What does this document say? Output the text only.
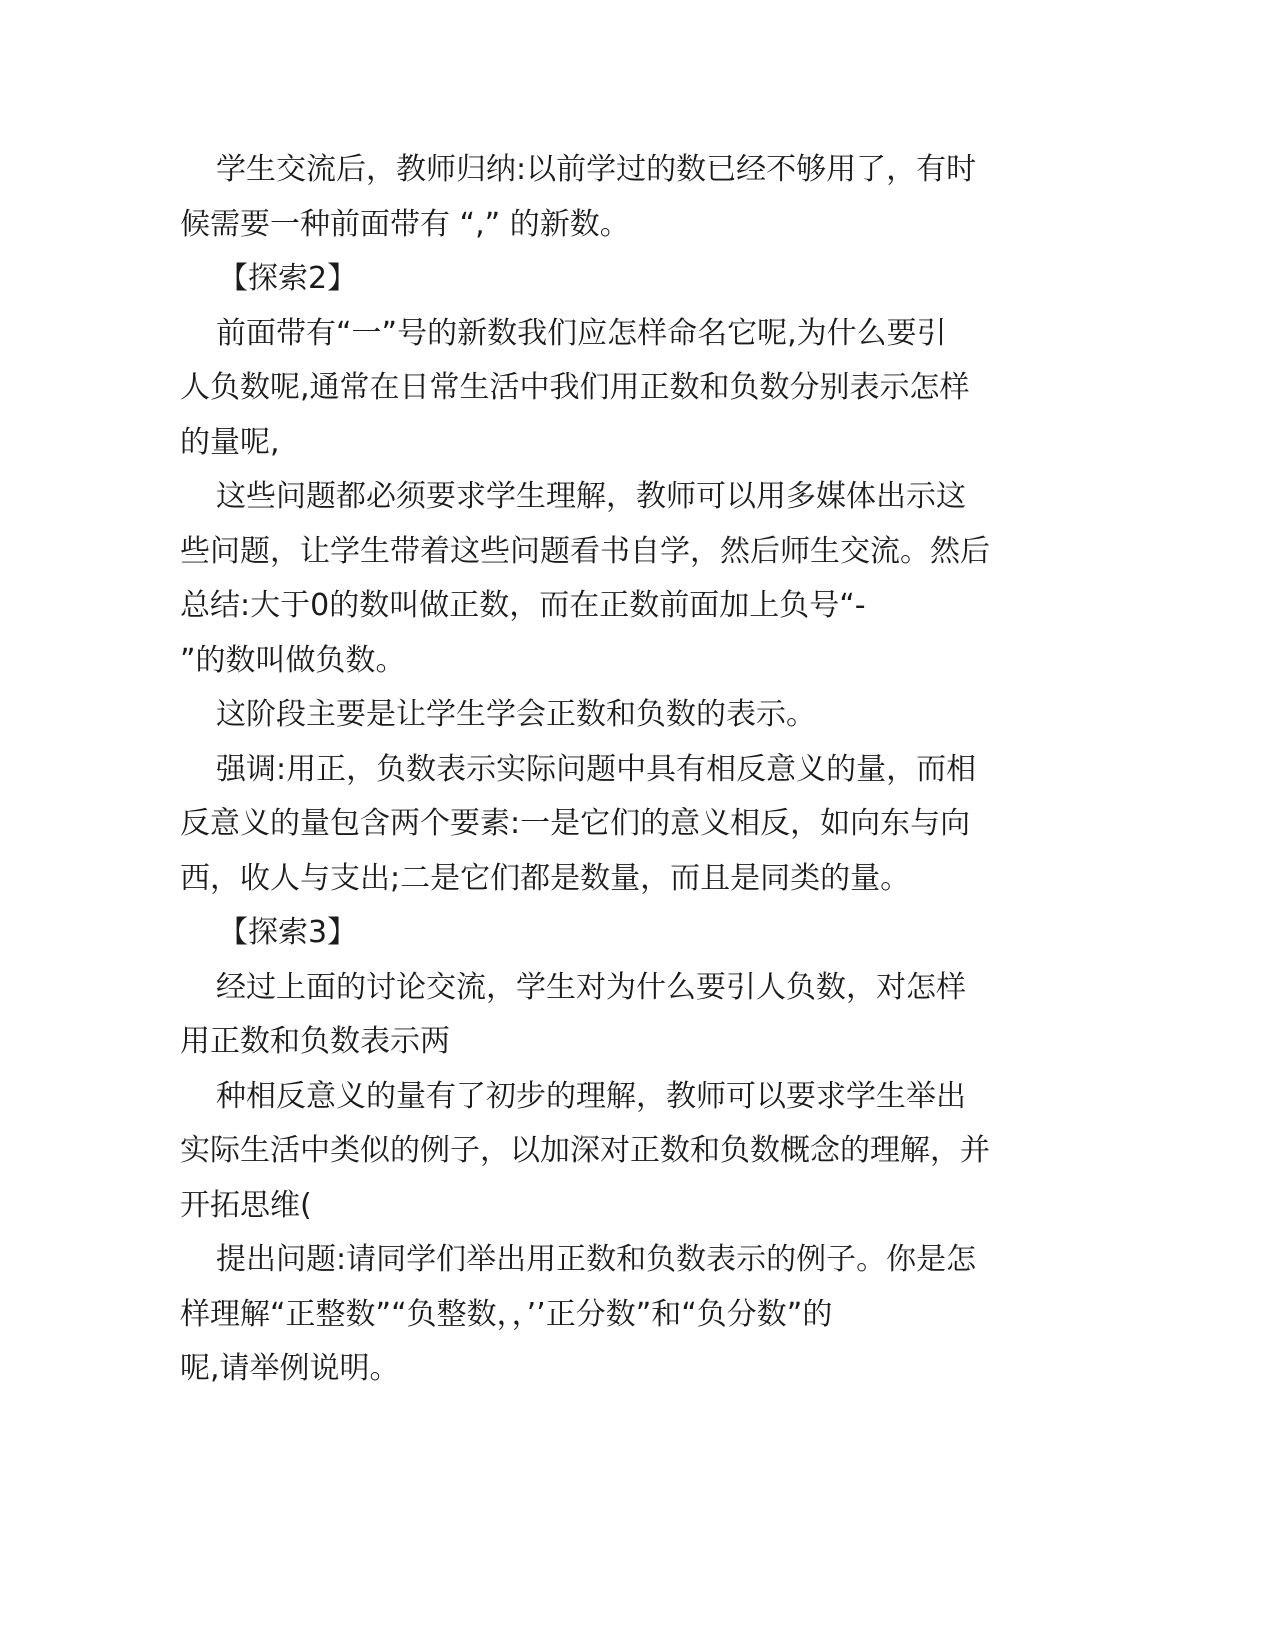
学生交流后，教师归纳:以前学过的数已经不够用了，有时
候需要一种前面带有 “,” 的新数。
【探索2】
前面带有“一”号的新数我们应怎样命名它呢,为什么要引
人负数呢,通常在日常生活中我们用正数和负数分别表示怎样
的量呢,
这些问题都必须要求学生理解，教师可以用多媒体出示这
些问题，让学生带着这些问题看书自学，然后师生交流。然后
总结:大于0的数叫做正数，而在正数前面加上负号“-
”的数叫做负数。
这阶段主要是让学生学会正数和负数的表示。
强调:用正，负数表示实际问题中具有相反意义的量，而相
反意义的量包含两个要素:一是它们的意义相反，如向东与向
西，收人与支出;二是它们都是数量，而且是同类的量。
【探索3】
经过上面的讨论交流，学生对为什么要引人负数，对怎样
用正数和负数表示两
种相反意义的量有了初步的理解，教师可以要求学生举出
实际生活中类似的例子，以加深对正数和负数概念的理解，并
开拓思维(
提出问题:请同学们举出用正数和负数表示的例子。你是怎
样理解“正整数”“负整数，，’’正分数”和“负分数”的
呢,请举例说明。
